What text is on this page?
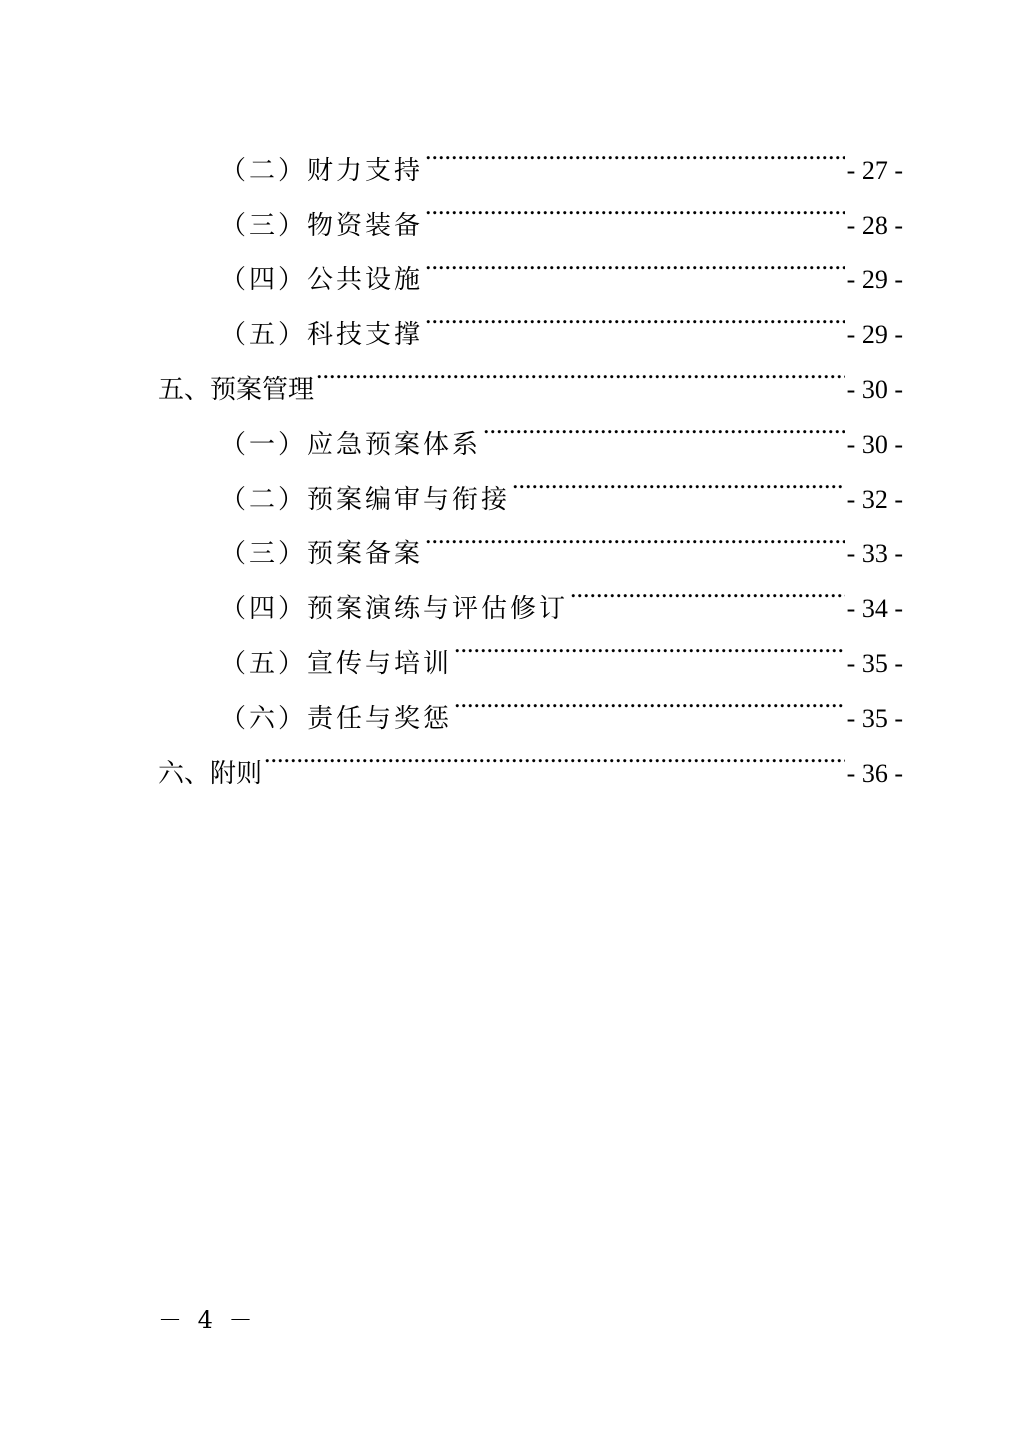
（二）财力支持 .....	- 27 -
（三）物资装备 .....	- 28 -
（四）公共设施 .....	- 29 -
（五）科技支撑 .....	- 29 -
五、预案管理 .....	- 30 -
（一）应急预案体系 .....	- 30 -
（二）预案编审与衔接 .....	- 32 -
（三）预案备案 .....	- 33 -
（四）预案演练与评估修订 .....	- 34 -
（五）宣传与培训 .....	- 35 -
（六）责任与奖惩 .....	- 35 -
六、附则 .....	- 36 -
－ 4 －
